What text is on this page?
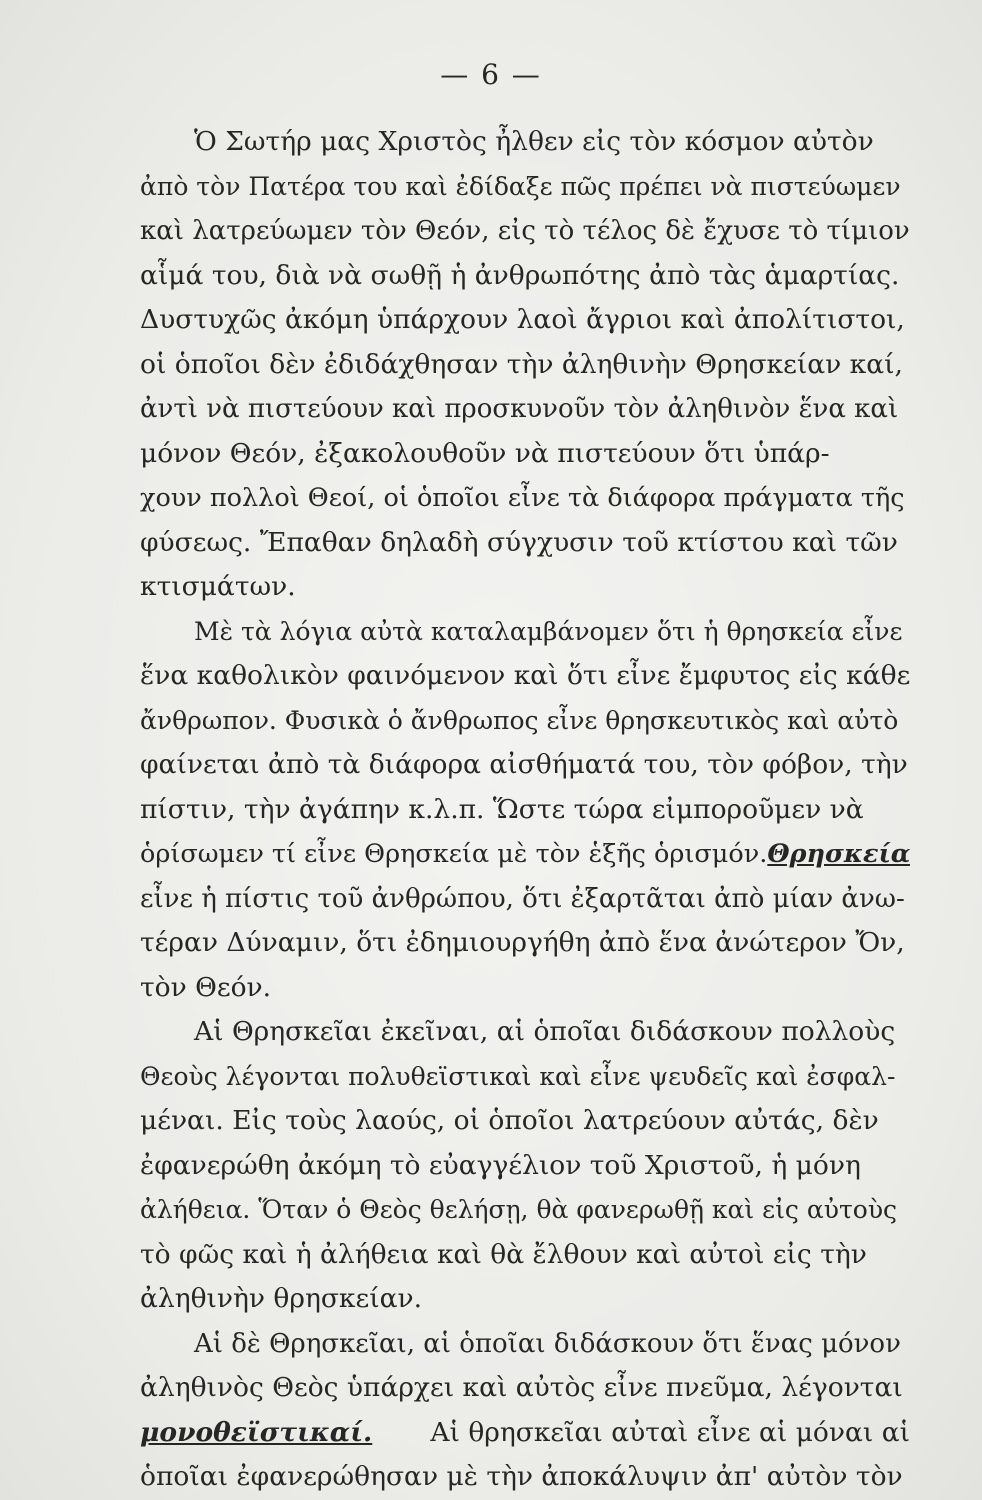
— 6 —
Ὁ Σωτήρ μας Χριστὸς ἦλθεν εἰς τὸν κόσμον αὐτὸν
ἀπὸ τὸν Πατέρα του καὶ ἐδίδαξε πῶς πρέπει νὰ πιστεύωμεν
καὶ λατρεύωμεν τὸν Θεόν, εἰς τὸ τέλος δὲ ἔχυσε τὸ τίμιον
αἷμά του, διὰ νὰ σωθῇ ἡ ἀνθρωπότης ἀπὸ τὰς ἁμαρτίας.
Δυστυχῶς ἀκόμη ὑπάρχουν λαοὶ ἄγριοι καὶ ἀπολίτιστοι,
οἱ ὁποῖοι δὲν ἐδιδάχθησαν τὴν ἀληθινὴν Θρησκείαν καί,
ἀντὶ νὰ πιστεύουν καὶ προσκυνοῦν τὸν ἀληθινὸν ἕνα καὶ
μόνον Θεόν, ἐξακολουθοῦν νὰ πιστεύουν ὅτι ὑπάρ-
χουν πολλοὶ Θεοί, οἱ ὁποῖοι εἶνε τὰ διάφορα πράγματα τῆς
φύσεως. Ἔπαθαν δηλαδὴ σύγχυσιν τοῦ κτίστου καὶ τῶν
κτισμάτων.
Μὲ τὰ λόγια αὐτὰ καταλαμβάνομεν ὅτι ἡ θρησκεία εἶνε
ἕνα καθολικὸν φαινόμενον καὶ ὅτι εἶνε ἔμφυτος εἰς κάθε
ἄνθρωπον. Φυσικὰ ὁ ἄνθρωπος εἶνε θρησκευτικὸς καὶ αὐτὸ
φαίνεται ἀπὸ τὰ διάφορα αἰσθήματά του, τὸν φόβον, τὴν
πίστιν, τὴν ἀγάπην κ.λ.π. Ὥστε τώρα εἰμποροῦμεν νὰ
ὁρίσωμεν τί εἶνε Θρησκεία μὲ τὸν ἑξῆς ὁρισμόν. Θρησκεία
εἶνε ἡ πίστις τοῦ ἀνθρώπου, ὅτι ἐξαρτᾶται ἀπὸ μίαν ἀνω-
τέραν Δύναμιν, ὅτι ἐδημιουργήθη ἀπὸ ἕνα ἀνώτερον Ὄν,
τὸν Θεόν.
Αἱ Θρησκεῖαι ἐκεῖναι, αἱ ὁποῖαι διδάσκουν πολλοὺς
Θεοὺς λέγονται πολυθεϊστικαὶ καὶ εἶνε ψευδεῖς καὶ ἐσφαλ-
μέναι. Εἰς τοὺς λαούς, οἱ ὁποῖοι λατρεύουν αὐτάς, δὲν
ἐφανερώθη ἀκόμη τὸ εὐαγγέλιον τοῦ Χριστοῦ, ἡ μόνη
ἀλήθεια. Ὅταν ὁ Θεὸς θελήσῃ, θὰ φανερωθῇ καὶ εἰς αὐτοὺς
τὸ φῶς καὶ ἡ ἀλήθεια καὶ θὰ ἔλθουν καὶ αὐτοὶ εἰς τὴν
ἀληθινὴν θρησκείαν.
Αἱ δὲ Θρησκεῖαι, αἱ ὁποῖαι διδάσκουν ὅτι ἕνας μόνον
ἀληθινὸς Θεὸς ὑπάρχει καὶ αὐτὸς εἶνε πνεῦμα, λέγονται
μονοθεϊστικαί. Αἱ θρησκεῖαι αὐταὶ εἶνε αἱ μόναι αἱ
ὁποῖαι ἐφανερώθησαν μὲ τὴν ἀποκάλυψιν ἀπ' αὐτὸν τὸν
